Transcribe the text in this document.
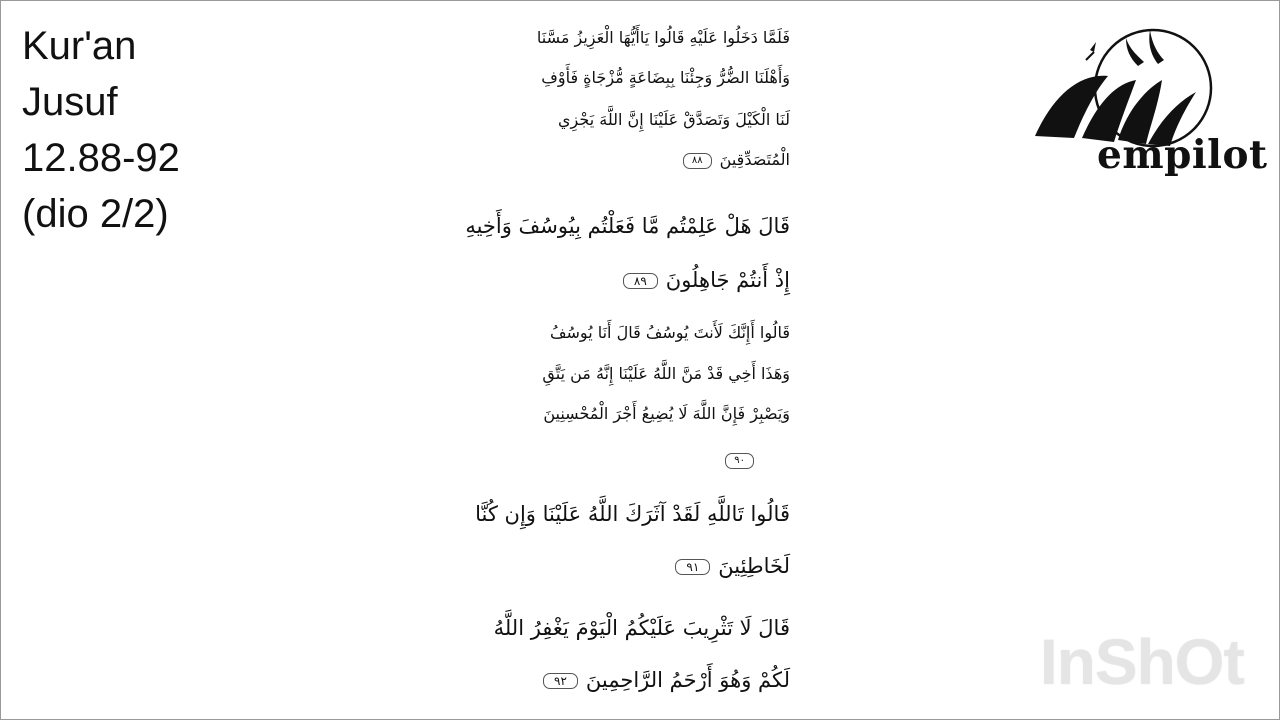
Kur'an
Jusuf
12.88-92
(dio 2/2)
empilot
فَلَمَّا دَخَلُوا عَلَيْهِ قَالُوا يَاأَيُّهَا الْعَزِيزُ مَسَّنَا
وَأَهْلَنَا الضُّرُّ وَجِئْنَا بِبِضَاعَةٍ مُّزْجَاةٍ فَأَوْفِ
لَنَا الْكَيْلَ وَتَصَدَّقْ عَلَيْنَا إِنَّ اللَّهَ يَجْزِي
الْمُتَصَدِّقِينَ٨٨
قَالَ هَلْ عَلِمْتُم مَّا فَعَلْتُم بِيُوسُفَ وَأَخِيهِ
إِذْ أَنتُمْ جَاهِلُونَ٨٩
قَالُوا أَإِنَّكَ لَأَنتَ يُوسُفُ قَالَ أَنَا يُوسُفُ
وَهَذَا أَخِي قَدْ مَنَّ اللَّهُ عَلَيْنَا إِنَّهُ مَن يَتَّقِ
وَيَصْبِرْ فَإِنَّ اللَّهَ لَا يُضِيعُ أَجْرَ الْمُحْسِنِينَ
٩٠
قَالُوا تَاللَّهِ لَقَدْ آثَرَكَ اللَّهُ عَلَيْنَا وَإِن كُنَّا
لَخَاطِئِينَ٩١
قَالَ لَا تَثْرِيبَ عَلَيْكُمُ الْيَوْمَ يَغْفِرُ اللَّهُ
لَكُمْ وَهُوَ أَرْحَمُ الرَّاحِمِينَ٩٢	InShOt
